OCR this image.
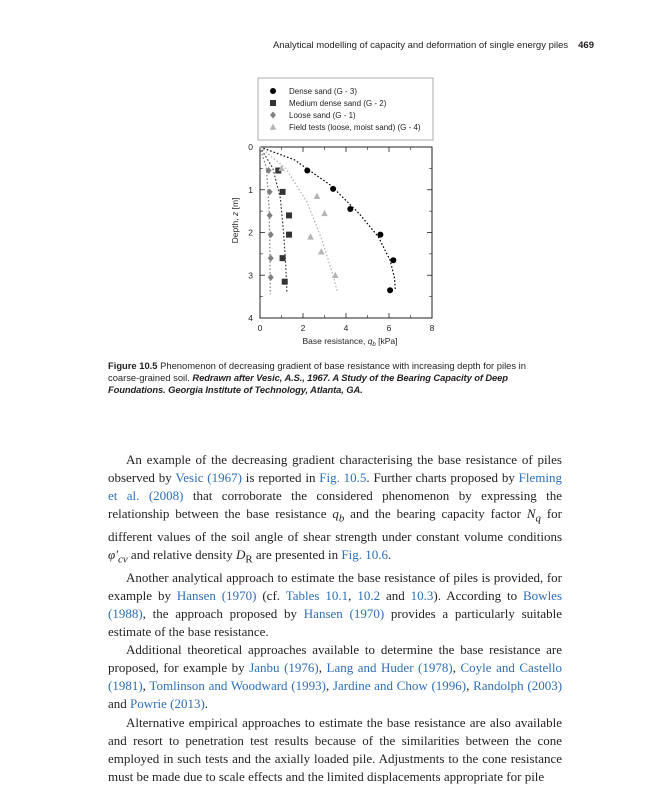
Analytical modelling of capacity and deformation of single energy piles 469
Dense sand (G - 3)
Medium dense sand (G - 2)
Loose sand (G - 1)
Field tests (loose, moist sand) (G - 4)
0	2	4	6	8
0
1
2
3
4
Base resistance, $q_b$ [kPa]
Depth, z [m]
Figure 10.5 Phenomenon of decreasing gradient of base resistance with increasing depth for piles in coarse-grained soil. Redrawn after Vesic, A.S., 1967. A Study of the Bearing Capacity of Deep Foundations. Georgia Institute of Technology, Atlanta, GA.

An example of the decreasing gradient characterising the base resistance of piles observed by Vesic (1967) is reported in Fig. 10.5. Further charts proposed by Fleming et al. (2008) that corroborate the considered phenomenon by expressing the relationship between the base resistance $q_b$ and the bearing capacity factor $N_q$ for different values of the soil angle of shear strength under constant volume conditions $\varphi'_{cv}$ and relative density $D_R$ are presented in Fig. 10.6.

Another analytical approach to estimate the base resistance of piles is provided, for example by Hansen (1970) (cf. Tables 10.1, 10.2 and 10.3). According to Bowles (1988), the approach proposed by Hansen (1970) provides a particularly suitable estimate of the base resistance.

Additional theoretical approaches available to determine the base resistance are proposed, for example by Janbu (1976), Lang and Huder (1978), Coyle and Castello (1981), Tomlinson and Woodward (1993), Jardine and Chow (1996), Randolph (2003) and Powrie (2013).

Alternative empirical approaches to estimate the base resistance are also available and resort to penetration test results because of the similarities between the cone employed in such tests and the axially loaded pile. Adjustments to the cone resistance must be made due to scale effects and the limited displacements appropriate for pile
